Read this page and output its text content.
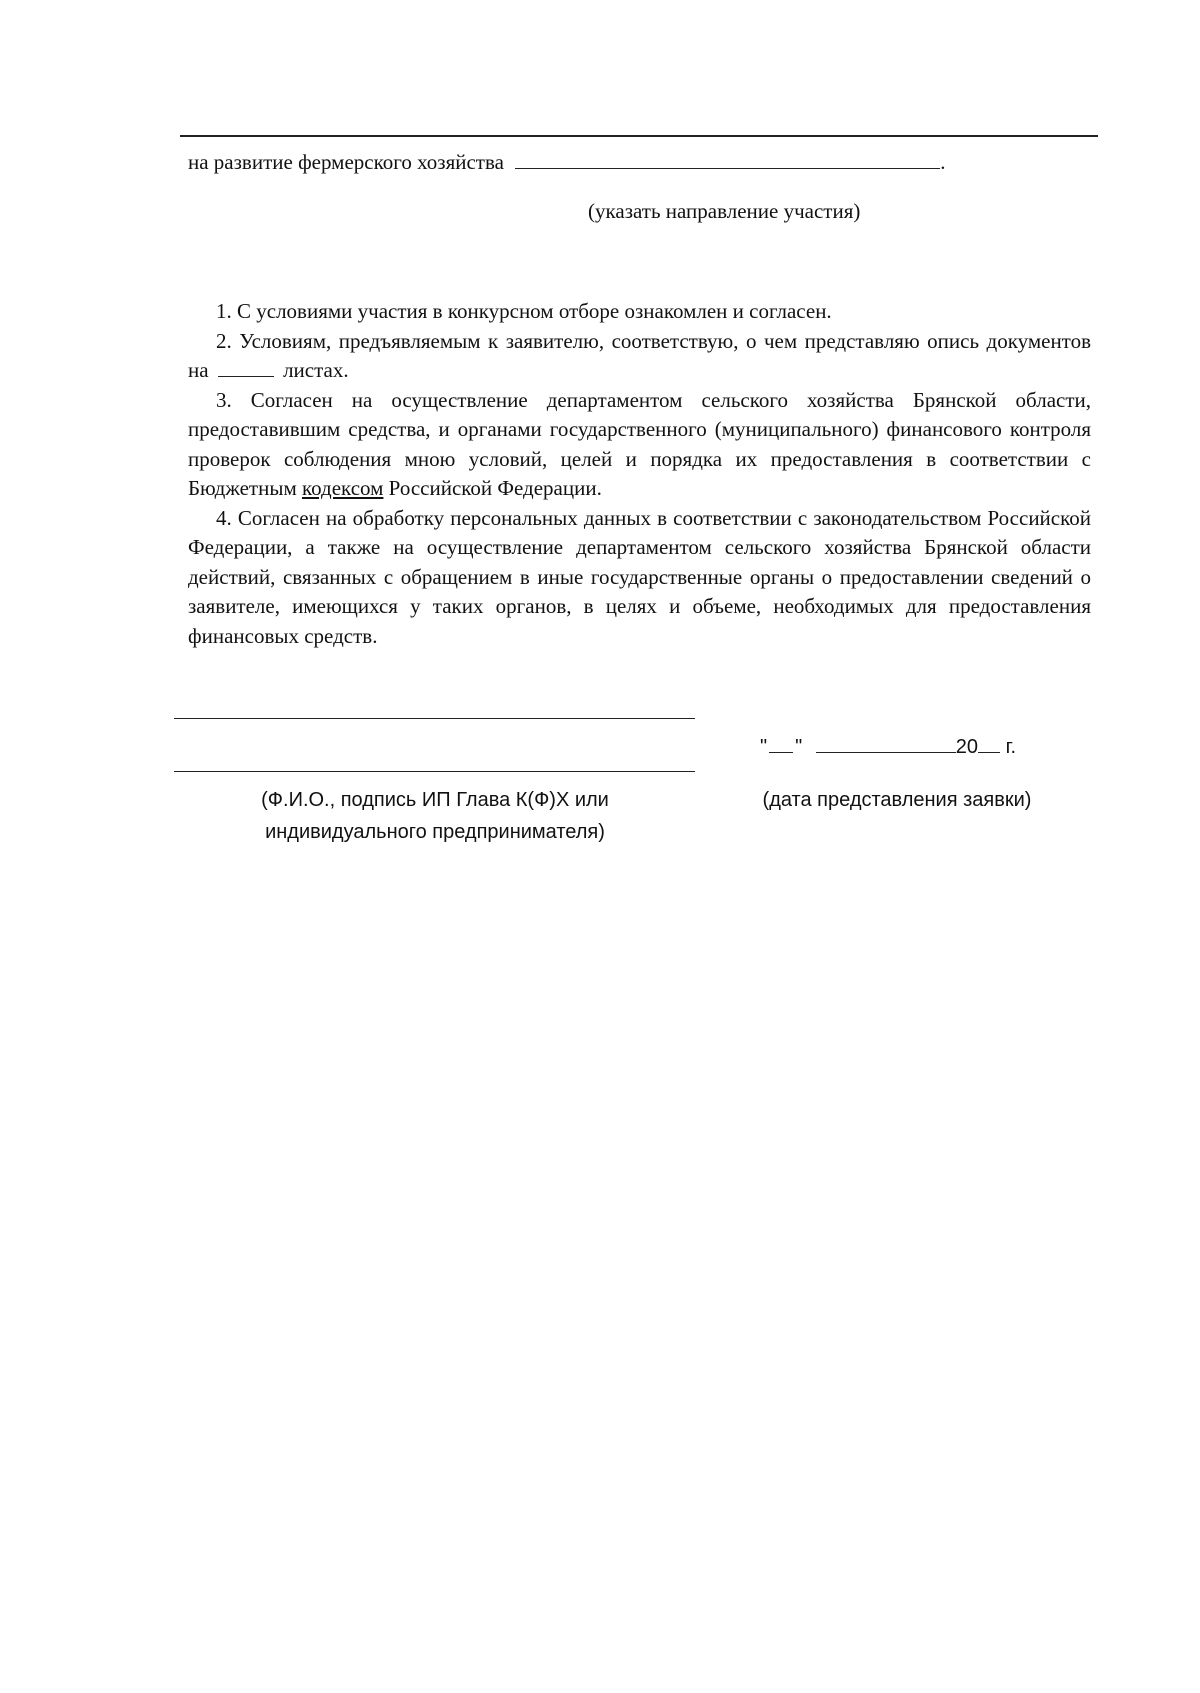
на развитие фермерского хозяйства	.
(указать направление участия)

1. С условиями участия в конкурсном отборе ознакомлен и согласен.

2. Условиям, предъявляемым к заявителю, соответствую, о чем представляю опись документов на	листах.

3. Согласен на осуществление департаментом сельского хозяйства Брянской области, предоставившим средства, и органами государственного (муниципального) финансового контроля проверок соблюдения мною условий, целей и порядка их предоставления в соответствии с Бюджетным кодексом Российской Федерации.

4. Согласен на обработку персональных данных в соответствии с законодательством Российской Федерации, а также на осуществление департаментом сельского хозяйства Брянской области действий, связанных с обращением в иные государственные органы о предоставлении сведений о заявителе, имеющихся у таких органов, в целях и объеме, необходимых для предоставления финансовых средств.

(Ф.И.О., подпись ИП Глава К(Ф)Х или
индивидуального предпринимателя)
" "	20 г.
(дата представления заявки)
